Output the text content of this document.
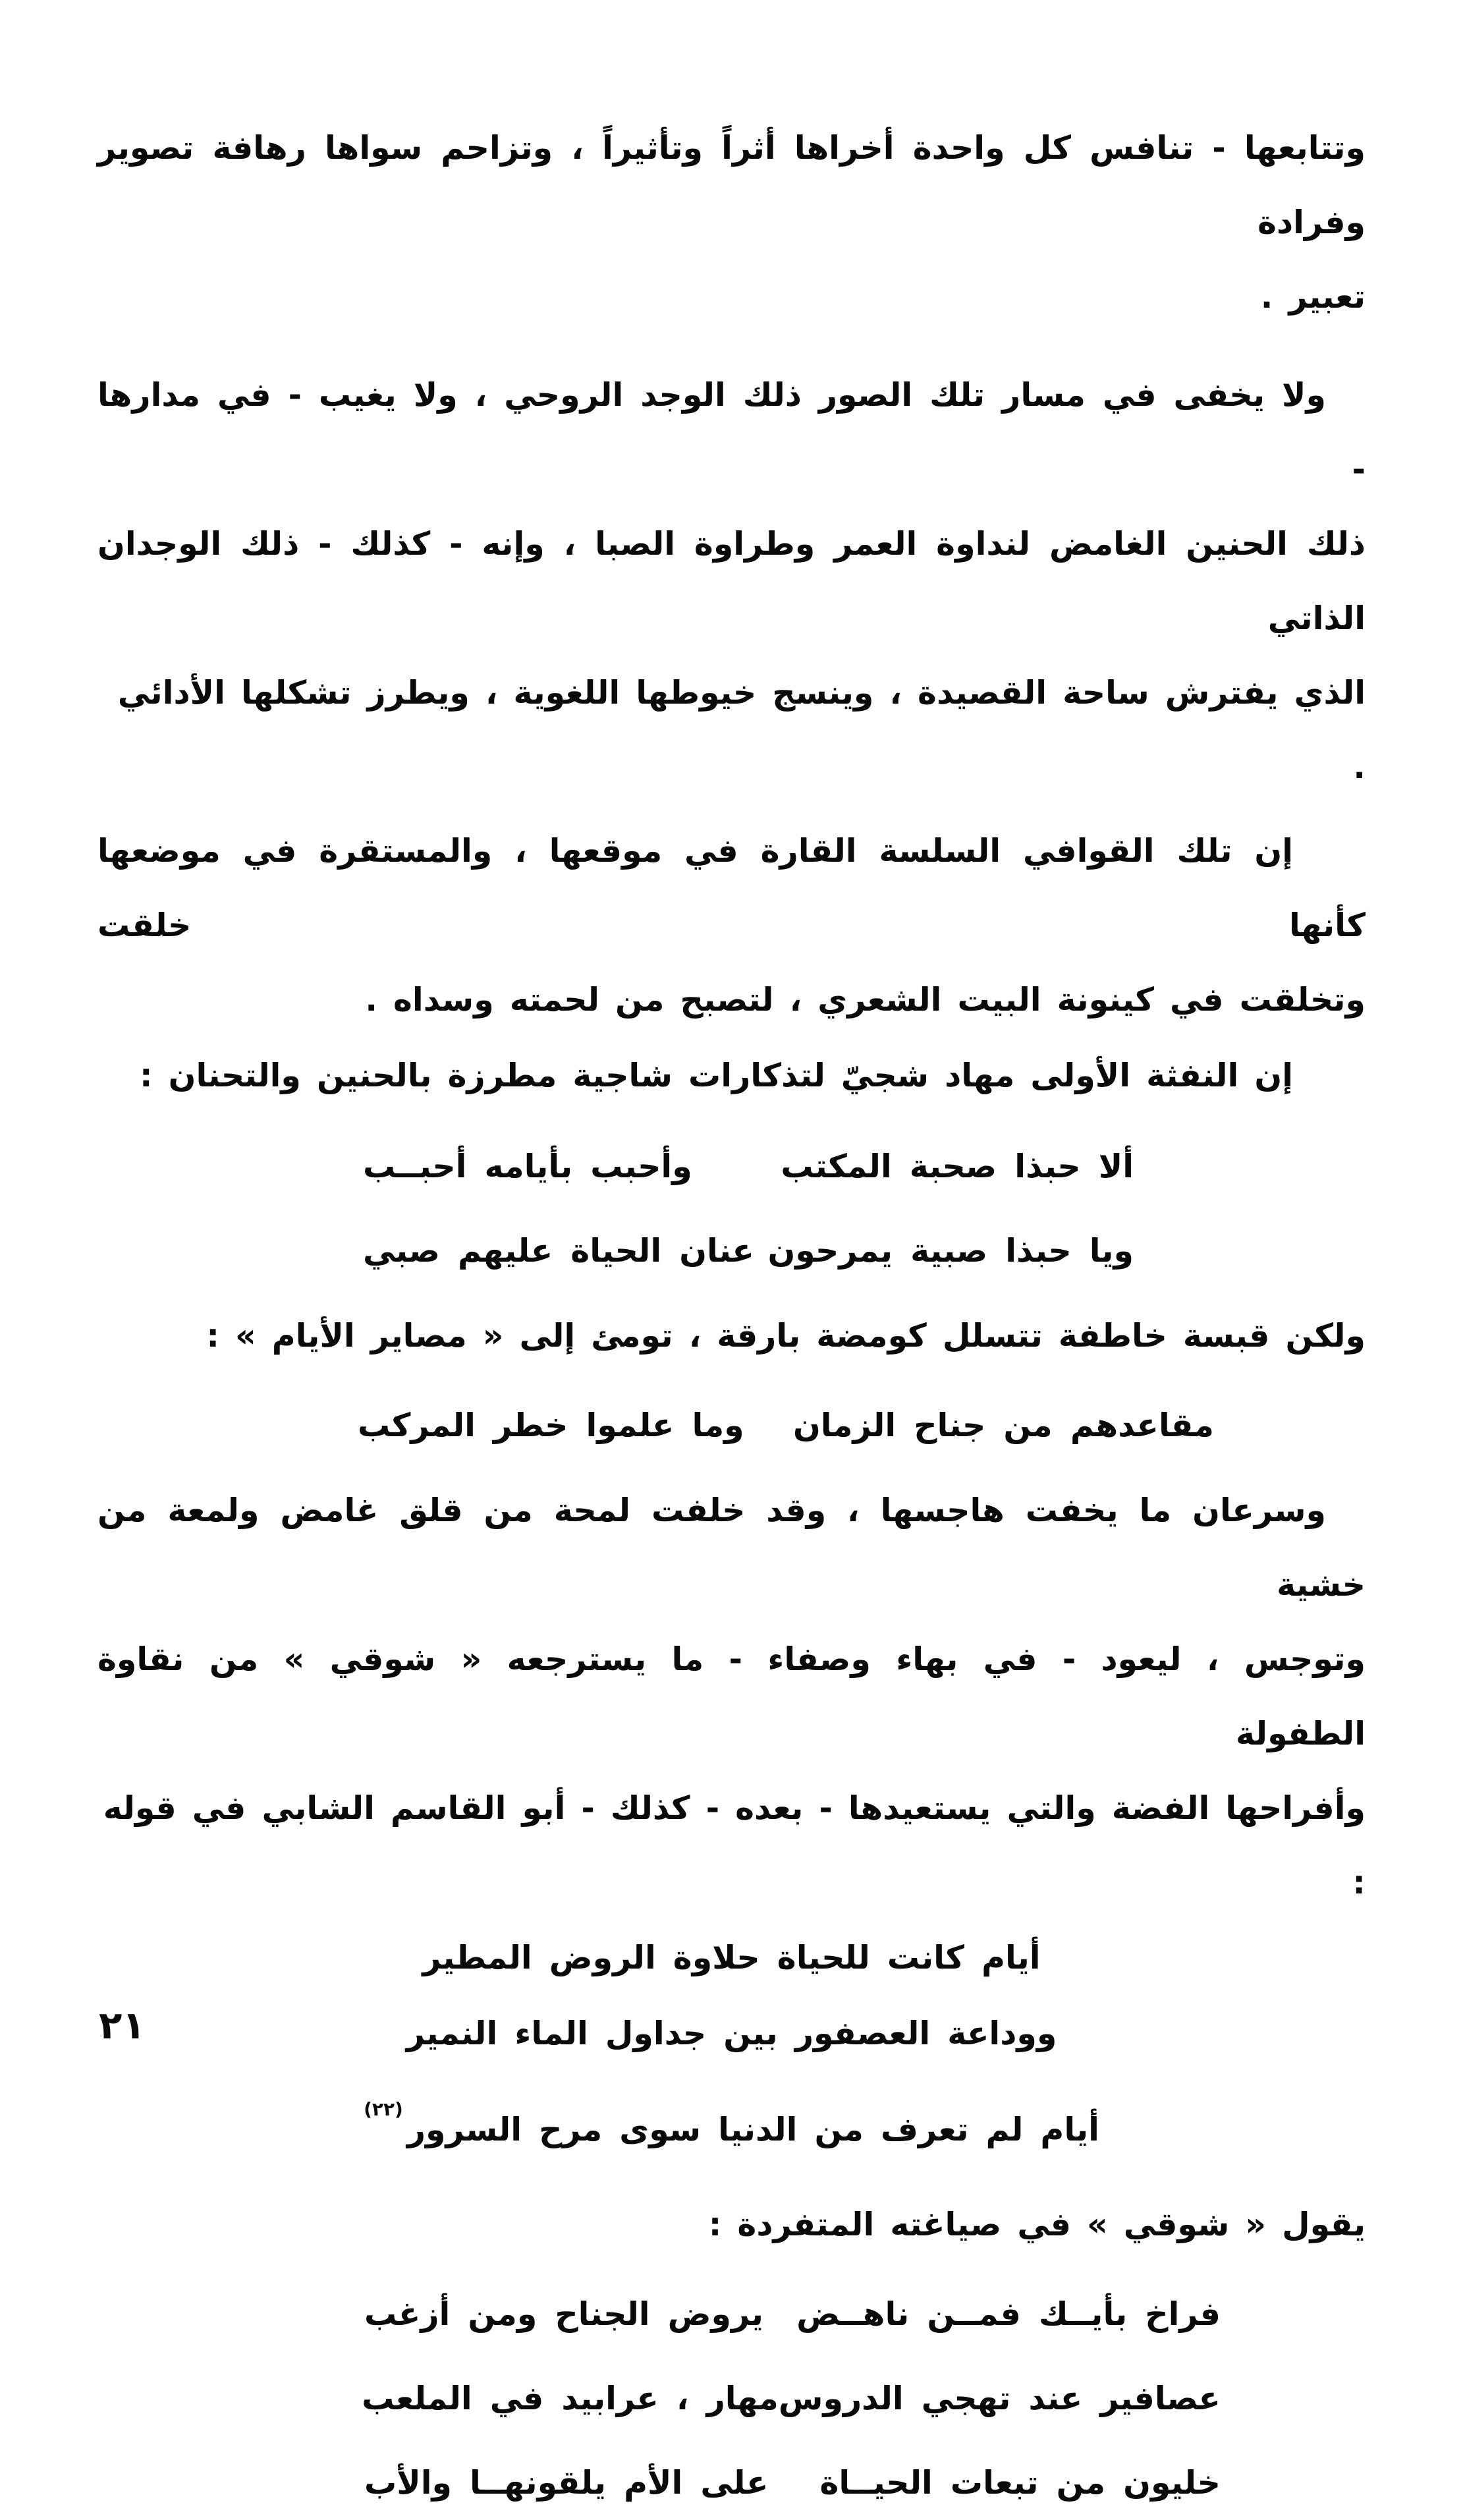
وتتابعها - تنافس كل واحدة أخراها أثراً وتأثيراً ، وتزاحم سواها رهافة تصوير وفرادة

تعبير .

ولا يخفى في مسار تلك الصور ذلك الوجد الروحي ، ولا يغيب - في مدارها -

ذلك الحنين الغامض لنداوة العمر وطراوة الصبا ، وإنه - كذلك - ذلك الوجدان الذاتي

الذي يفترش ساحة القصيدة ، وينسج خيوطها اللغوية ، ويطرز تشكلها الأدائي .

إن تلك القوافي السلسة القارة في موقعها ، والمستقرة في موضعها كأنها خلقت

وتخلقت في كينونة البيت الشعري ، لتصبح من لحمته وسداه .

إن النفثة الأولى مهاد شجيّ لتذكارات شاجية مطرزة بالحنين والتحنان :

ألا حبذا صحبة المكتب
وأحبب بأيامه أحبــب
ويا حبذا صبية يمرحون
عنان الحياة عليهم صبي

ولكن قبسة خاطفة تتسلل كومضة بارقة ، تومئ إلى « مصاير الأيام » :

مقاعدهم من جناح الزمان
وما علموا خطر المركب

وسرعان ما يخفت هاجسها ، وقد خلفت لمحة من قلق غامض ولمعة من خشية

وتوجس ، ليعود - في بهاء وصفاء - ما يسترجعه « شوقي » من نقاوة الطفولة

وأفراحها الفضة والتي يستعيدها - بعده - كذلك - أبو القاسم الشابي في قوله :

أيام كانت للحياة حلاوة الروض المطير

ووداعة العصفور بين جداول الماء النمير

أيام لم تعرف من الدنيا سوى مرح السرور$^{(٢٢)}$

يقول « شوقي » في صياغته المتفردة :

فراخ بأيــك فمــن ناهــض
يروض الجناح ومن أزغب
عصافير عند تهجي الدروس
مهار ، عرابيد في الملعب
خليون من تبعات الحيــاة
على الأم يلقونهــا والأب
٢١
